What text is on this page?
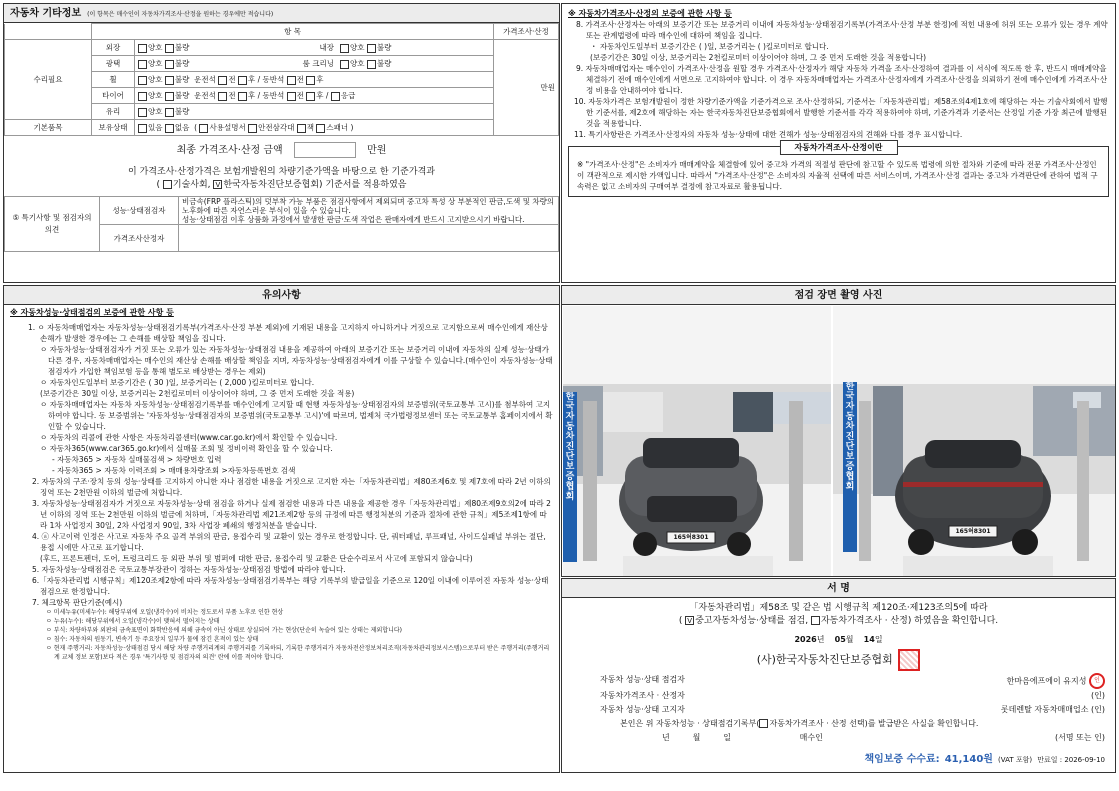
자동차 기타정보 (이 항목은 매수인이 자동차가격조사·산정을 원하는 경우에만 적습니다)
	항 목				가격조사·산정
수리필요	외장	양호 불량	내장	양호 불량	만원
	광택	양호 불량	룸 크리닝	양호 불량	
	휠	양호 불량 운전석 전 후 / 동반석 전 후			
	타이어	양호 불량 운전석 전 후 / 동반석 전 후 / 응급			
	유리	양호 불량			
기본품목	보유상태	있음 없음  ( 사용설명서 안전삼각대 잭 스패너 )			
최종 가격조사·산정 금액	만원
이 가격조사·산정가격은 보험개발원의 차량기준가액을 바탕으로 한 기준가격과
( 기술사회, V 한국자동차진단보증협회) 기준서를 적용하였음
⑤ 특기사항 및 점검자의 의견	성능·상태점검자	비금속(FRP 플라스틱)의 덧부착 가능 부품은 점검사항에서 제외되며 중고차 특성 상 부분적인 판금,도색 및 차량의 노후화에 따른 자연스러운 부식이 있을 수 있습니다.
성능·상태점검 이후 상품화 과정에서 발생한 판금·도색 작업은 판매자에게 반드시 고지받으시기 바랍니다.

	가격조사산정자	
※ 자동차가격조사·산정의 보증에 관한 사항 등
8. 가격조사·산정자는 아래의 보증기간 또는 보증거리 이내에 자동차성능·상태점검기록부(가격조사·산정 부분 한정)에 적힌 내용에 허위 또는 오류가 있는 경우 계약 또는 관계법령에 따라 매수인에 대하여 책임을 집니다.
・ 자동차인도일부터 보증기간은 ( )일, 보증거리는 ( )킬로미터로 합니다.
(보증기간은 30일 이상, 보증거리는 2천킬로미터 이상이어야 하며, 그 중 먼저 도래한 것을 적용합니다)
9. 자동차매매업자는 매수인이 가격조사·산정을 원할 경우 가격조사·산정자가 해당 자동차 가격을 조사·산정하여 결과를 이 서식에 적도록 한 후, 반드시 매매계약을 체결하기 전에 매수인에게 서면으로 고지하여야 합니다. 이 경우 자동차매매업자는 가격조사·산정자에게 가격조사·산정을 의뢰하기 전에 매수인에게 가격조사·산정 비용을 안내하여야 합니다.
10. 자동차가격은 보험개발원이 정한 차량기준가액을 기준가격으로 조사·산정하되, 기준서는「자동차관리법」제58조의4제1호에 해당하는 자는 기술사회에서 발행한 기준서를, 제2호에 해당하는 자는 한국자동차진단보증협회에서 발행한 기준서를 각각 적용하여야 하며, 기준가격과 기준서는 산정일 기준 가장 최근에 발행된 것을 적용합니다.
11. 특기사항란은 가격조사·산정자의 자동차 성능·상태에 대한 견해가 성능·상태점검자의 견해와 다를 경우 표시합니다.
자동차가격조사·산정이란
※ "가격조사·산정"은 소비자가 매매계약을 체결함에 있어 중고차 가격의 적절성 판단에 참고할 수 있도록 법령에 의한 절차와 기준에 따라 전문 가격조사·산정인이 객관적으로 제시한 가액입니다. 따라서 "가격조사·산정"은 소비자의 자율적 선택에 따른 서비스이며, 가격조사·산정 결과는 중고차 가격판단에 관하여 법적 구속력은 없고 소비자의 구매여부 결정에 참고자료로 활용됩니다.
유의사항
※ 자동차성능·상태점검의 보증에 관한 사항 등
1. ㅇ 자동차매매업자는 자동차성능·상태점검기록부(가격조사·산정 부분 제외)에 기재된 내용을 고지하지 아니하거나 거짓으로 고지함으로써 매수인에게 재산상 손해가 발생한 경우에는 그 손해를 배상할 책임을 집니다.
ㅇ 자동차성능·상태점검자가 거짓 또는 오류가 있는 자동차성능·상태점검 내용을 제공하여 아래의 보증기간 또는 보증거리 이내에 자동차의 실제 성능·상태가 다른 경우, 자동차매매업자는 매수인의 재산상 손해를 배상할 책임을 지며, 자동차성능·상태점검자에게 이를 구상할 수 있습니다.(매수인이 자동차성능·상태점검자가 가입한 책임보험 등을 통해 별도로 배상받는 경우는 제외)
ㅇ 자동차인도일부터 보증기간은 ( 30 )일, 보증거리는 ( 2,000 )킬로미터로 합니다.
(보증기간은 30일 이상, 보증거리는 2천킬로미터 이상이어야 하며, 그 중 먼저 도래한 것을 적용)
ㅇ 자동차매매업자는 자동차 자동차성능·상태점검기록부를 매수인에게 고지할 때 현행 자동차성능·상태점검자의 보증범위(국토교통부 고시)를 첨부하여 고지하여야 합니다. 동 보증범위는 '자동차성능·상태점검자의 보증범위(국토교통부 고시)'에 따르며, 법제처 국가법령정보센터 또는 국토교통부 홈페이지에서 확인할 수 있습니다.
ㅇ 자동차의 리콜에 관한 사항은 자동차리콜센터(www.car.go.kr)에서 확인할 수 있습니다.
ㅇ 자동차365(www.car365.go.kr)에서 실매물 조회 및 정비이력 확인을 할 수 있습니다.
- 자동차365 > 자동차 실매물검색 > 차량번호 입력
- 자동차365 > 자동차 이력조회 > 매매용차량조회 >자동차등록번호 검색
2. 자동차의 구조·장치 등의 성능·상태를 고지하지 아니한 자나 점검한 내용을 거짓으로 고지한 자는「자동차관리법」제80조제6호 및 제7호에 따라 2년 이하의 징역 또는 2천만원 이하의 벌금에 처합니다.
3. 자동차성능·상태점검자가 거짓으로 자동차성능·상태 점검을 하거나 실제 점검한 내용과 다른 내용을 제공한 경우「자동차관리법」제80조제9호의2에 따라 2년 이하의 징역 또는 2천만원 이하의 벌금에 처하며,「자동차관리법 제21조제2항 등의 규정에 따른 행정처분의 기준과 절차에 관한 규칙」제5조제1항에 따라 1차 사업정지 30일, 2차 사업정지 90일, 3차 사업장 폐쇄의 행정처분을 받습니다.
4. ⓐ 사고이력 인정은 사고로 자동차 주요 골격 부위의 판금, 용접수리 및 교환이 있는 경우로 한정합니다. 단, 쿼터패널, 루프패널, 사이드실패널 부위는 절단, 용접 시에만 사고로 표기합니다.
(후드, 프론트펜더, 도어, 트렁크리드 등 외판 부위 및 범퍼에 대한 판금, 용접수리 및 교환은 단순수리로서 사고에 포함되지 않습니다)
5. 자동차성능·상태점검은 국토교통부장관이 정하는 자동차성능·상태점검 방법에 따라야 합니다.
6.「자동차관리법 시행규칙」제120조제2항에 따라 자동차성능·상태점검기록부는 해당 기록부의 발급일을 기준으로 120일 이내에 이루어진 자동차 성능·상태점검으로 한정합니다.
7. 체크항목 판단기준(예시)
ㅇ 미세누유(미세누수): 해당부위에 오일(냉각수)이 비치는 정도로서 부품 노후로 인한 현상
ㅇ 누유(누수): 해당부위에서 오일(냉각수)이 맺혀서 떨어지는 상태
ㅇ 부식: 차량하부와 외판의 금속표면이 화학반응에 의해 금속이 아닌 상태로 상실되어 가는 현상(단순히 녹슬어 있는 상태는 제외합니다)
ㅇ 침수: 자동차의 원동기, 변속기 등 주요장치 일부가 물에 잠긴 흔적이 있는 상태
ㅇ 현재 주행거리: 자동차성능·상태점검 당시 해당 차량 주행거리계의 주행거리를 기록하되, 기록한 주행거리가 자동차전산정보처리조직(자동차관리정보시스템)으로부터 받은 주행거리(주행거리계 교체 정보 포함)보다 적은 경우 '특기사항 및 점검자의 의견' 란에 이를 적어야 합니다.
점검 장면 촬영 사진
165허8301
한국자동차진단보증협회
165허8301
한국자동차진단보증협회
서 명
「자동차관리법」제58조 및 같은 법 시행규칙 제120조·제123조의5에 따라
( V 중고자동차성능·상태를 점검, 자동차가격조사 · 산정) 하였음을 확인합니다.
2026년 05월 14일
(사)한국자동차진단보증협회
자동차 성능·상태 점검자	한마음에프에이 유지성 인
자동차가격조사 · 산정자	(인)
자동차 성능·상태 고지자	롯데렌탈 자동차매매업소 (인)
본인은 위 자동차성능 · 상태점검기록부( 자동차가격조사 · 산정 선택)를 발급받은 사실을 확인합니다.
년	월	일	매수인	(서명 또는 인)
책임보증 수수료: 41,140원 (VAT 포함) 만료일 : 2026-09-10
